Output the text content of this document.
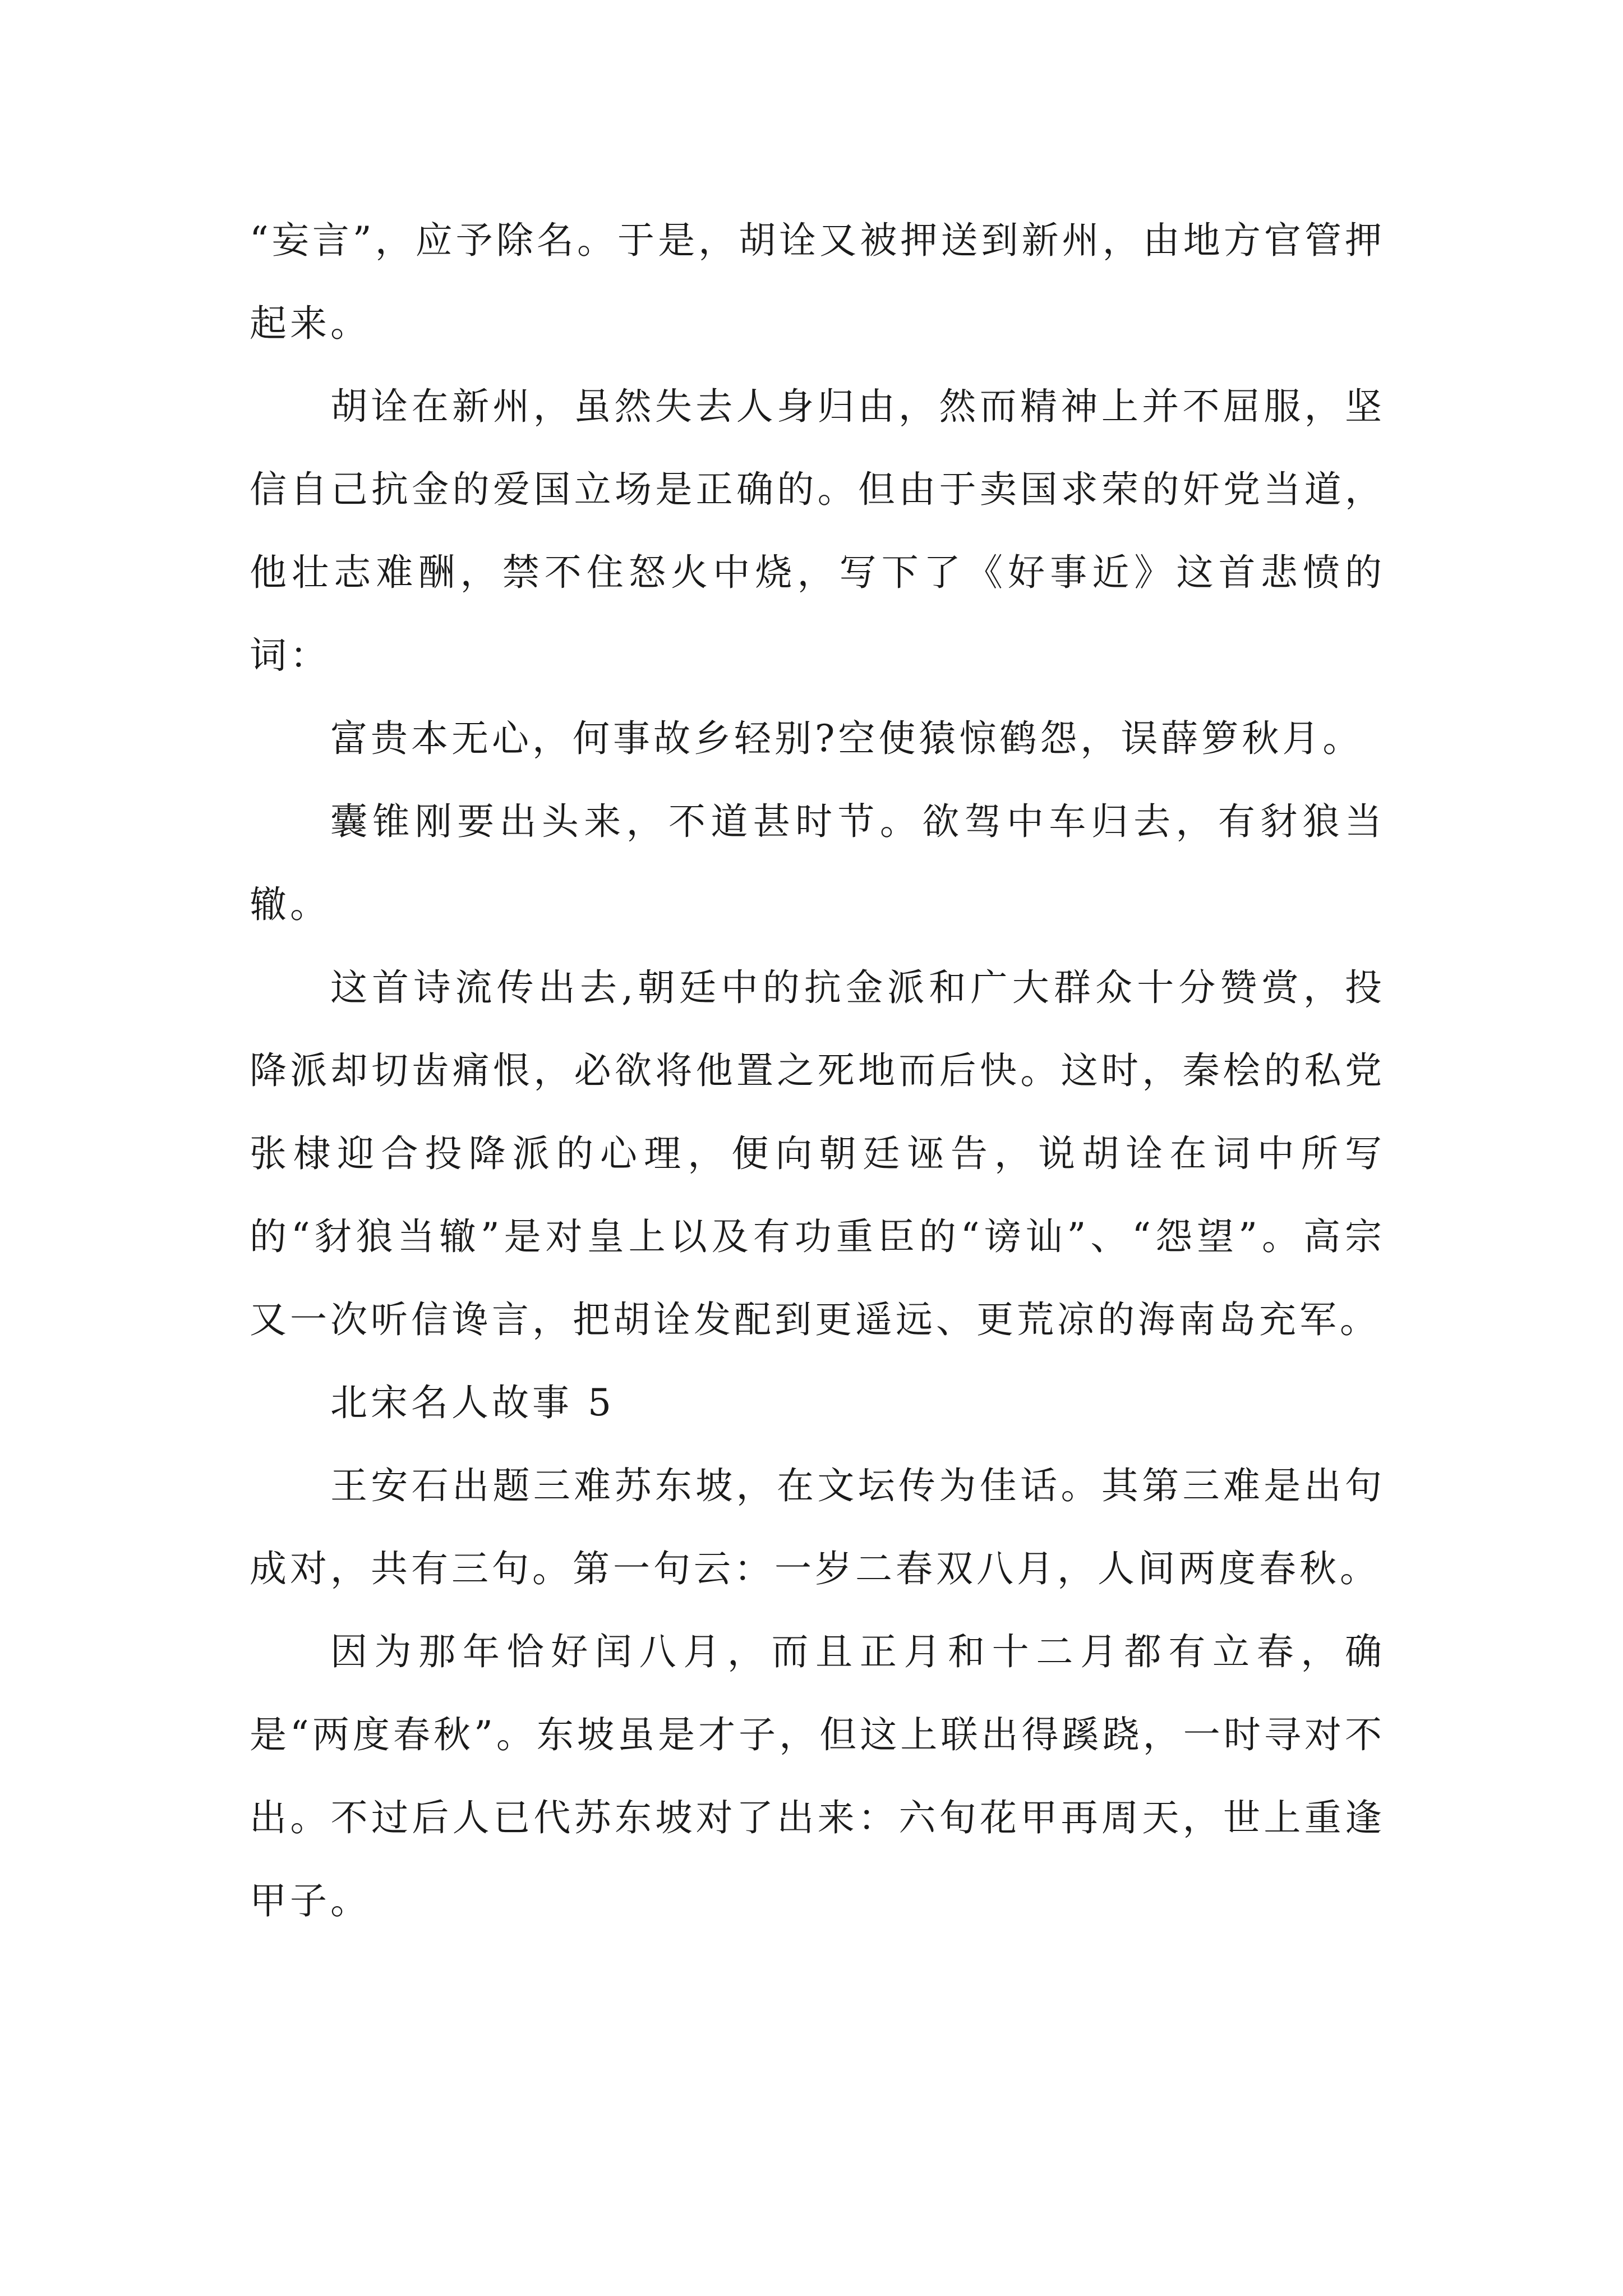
“妄言”，应予除名。于是，胡诠又被押送到新州，由地方官管押起来。

胡诠在新州，虽然失去人身归由，然而精神上并不屈服，坚信自己抗金的爱国立场是正确的。但由于卖国求荣的奸党当道，他壮志难酬，禁不住怒火中烧，写下了《好事近》这首悲愤的词：

富贵本无心，何事故乡轻别?空使猿惊鹤怨，误薛箩秋月。

囊锥刚要出头来，不道甚时节。欲驾中车归去，有豺狼当辙。

这首诗流传出去,朝廷中的抗金派和广大群众十分赞赏，投降派却切齿痛恨，必欲将他置之死地而后快。这时，秦桧的私党张棣迎合投降派的心理，便向朝廷诬告，说胡诠在词中所写的“豺狼当辙”是对皇上以及有功重臣的“谤讪”、“怨望”。高宗又一次听信谗言，把胡诠发配到更遥远、更荒凉的海南岛充军。

北宋名人故事 5

王安石出题三难苏东坡，在文坛传为佳话。其第三难是出句成对，共有三句。第一句云：一岁二春双八月，人间两度春秋。

因为那年恰好闰八月，而且正月和十二月都有立春，确是“两度春秋”。东坡虽是才子，但这上联出得蹊跷，一时寻对不出。不过后人已代苏东坡对了出来：六旬花甲再周天，世上重逢甲子。
